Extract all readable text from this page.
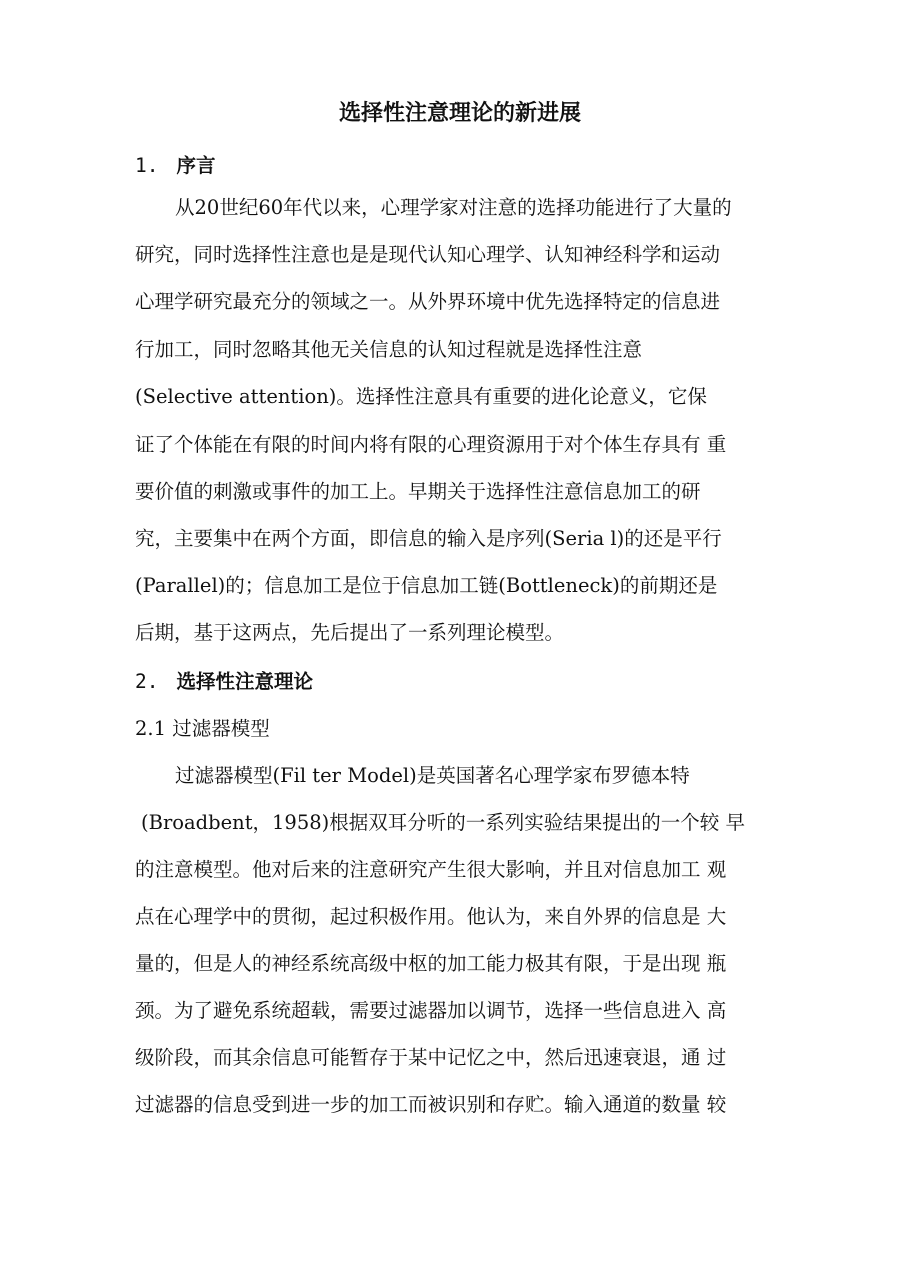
选择性注意理论的新进展
1. 序言

从20世纪60年代以来，心理学家对注意的选择功能进行了大量的

研究，同时选择性注意也是是现代认知心理学、认知神经科学和运动

心理学研究最充分的领域之一。从外界环境中优先选择特定的信息进

行加工，同时忽略其他无关信息的认知过程就是选择性注意

(Selective attention)。选择性注意具有重要的进化论意义，它保

证了个体能在有限的时间内将有限的心理资源用于对个体生存具有 重

要价值的刺激或事件的加工上。早期关于选择性注意信息加工的研

究，主要集中在两个方面，即信息的输入是序列(Seria l)的还是平行

(Parallel)的；信息加工是位于信息加工链(Bottleneck)的前期还是

后期，基于这两点，先后提出了一系列理论模型。

2. 选择性注意理论
2.1 过滤器模型

过滤器模型(Fil ter Model)是英国著名心理学家布罗德本特

(Broadbent，1958)根据双耳分听的一系列实验结果提出的一个较 早

的注意模型。他对后来的注意研究产生很大影响，并且对信息加工 观

点在心理学中的贯彻，起过积极作用。他认为，来自外界的信息是 大

量的，但是人的神经系统高级中枢的加工能力极其有限，于是出现 瓶

颈。为了避免系统超载，需要过滤器加以调节，选择一些信息进入 高

级阶段，而其余信息可能暂存于某中记忆之中，然后迅速衰退，通 过

过滤器的信息受到进一步的加工而被识别和存贮。输入通道的数量 较
